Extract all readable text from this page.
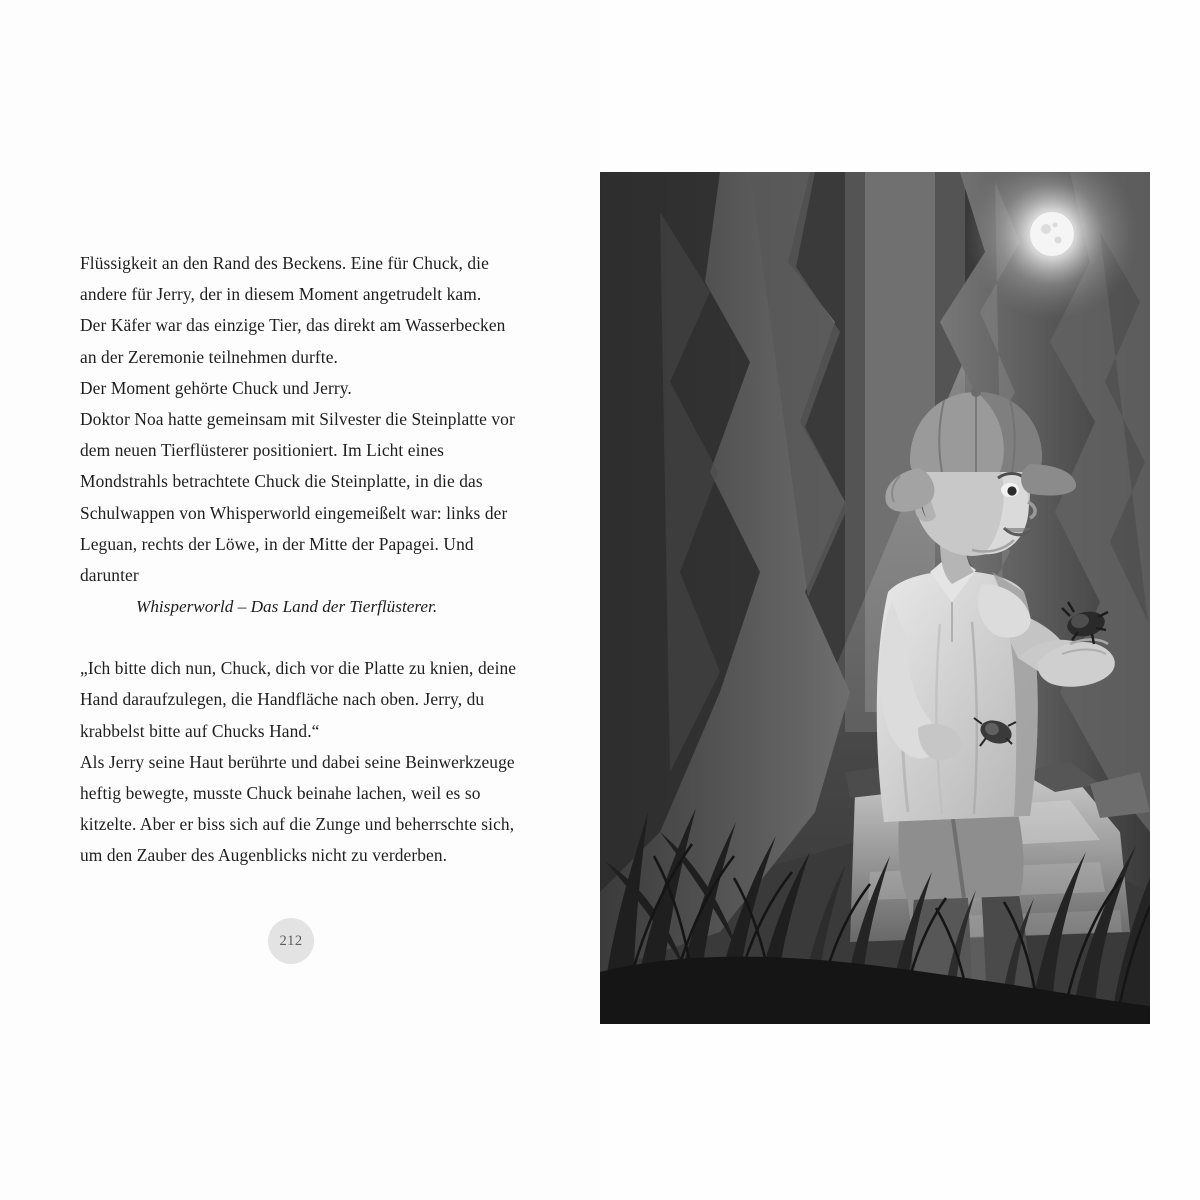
Flüssigkeit an den Rand des Beckens. Eine für Chuck, die andere für Jerry, der in diesem Moment angetrudelt kam.

Der Käfer war das einzige Tier, das direkt am Wasserbecken an der Zeremonie teilnehmen durfte.

Der Moment gehörte Chuck und Jerry.

Doktor Noa hatte gemeinsam mit Silvester die Steinplatte vor dem neuen Tierflüsterer positioniert. Im Licht eines Mondstrahls betrachtete Chuck die Steinplatte, in die das Schulwappen von Whisperworld eingemeißelt war: links der Leguan, rechts der Löwe, in der Mitte der Papagei. Und darunter

Whisperworld – Das Land der Tierflüsterer.

„Ich bitte dich nun, Chuck, dich vor die Platte zu knien, deine Hand daraufzulegen, die Handfläche nach oben. Jerry, du krabbelst bitte auf Chucks Hand.“

Als Jerry seine Haut berührte und dabei seine Beinwerkzeuge heftig bewegte, musste Chuck beinahe lachen, weil es so kitzelte. Aber er biss sich auf die Zunge und beherrschte sich, um den Zauber des Augenblicks nicht zu verderben.

212
